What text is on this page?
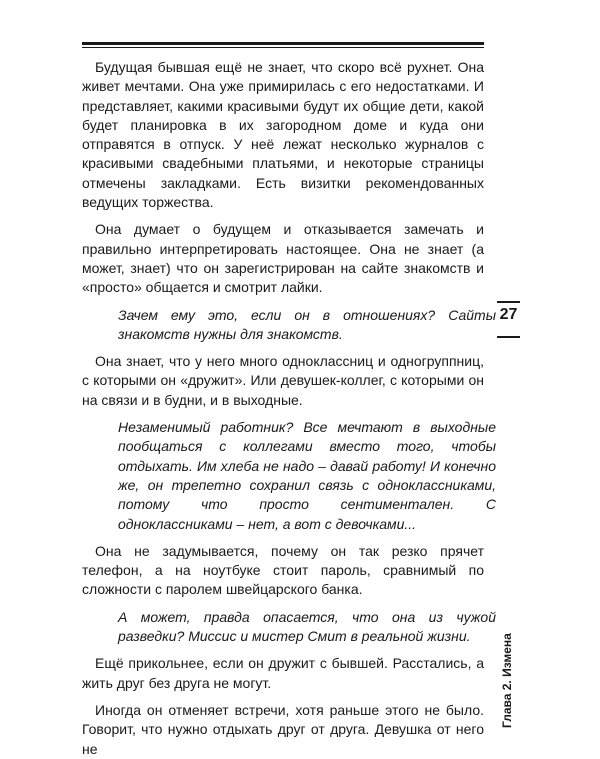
Будущая бывшая ещё не знает, что скоро всё рухнет. Она живет мечтами. Она уже примирилась с его недостатками. И представляет, какими красивыми будут их общие дети, какой будет планировка в их загородном доме и куда они отправятся в отпуск. У неё лежат несколько журналов с красивыми свадебными платьями, и некоторые страницы отмечены закладками. Есть визитки рекомендованных ведущих торжества.

Она думает о будущем и отказывается замечать и правильно интерпретировать настоящее. Она не знает (а может, знает) что он зарегистрирован на сайте знакомств и «просто» общается и смотрит лайки.

Зачем ему это, если он в отношениях? Сайты знакомств нужны для знакомств.

Она знает, что у него много одноклассниц и одногруппниц, с которыми он «дружит». Или девушек-коллег, с которыми он на связи и в будни, и в выходные.

Незаменимый работник? Все мечтают в выходные пообщаться с коллегами вместо того, чтобы отдыхать. Им хлеба не надо – давай работу! И конечно же, он трепетно сохранил связь с одноклассниками, потому что просто сентиментален. С одноклассниками – нет, а вот с девочками...

Она не задумывается, почему он так резко прячет телефон, а на ноутбуке стоит пароль, сравнимый по сложности с паролем швейцарского банка.

А может, правда опасается, что она из чужой разведки? Миссис и мистер Смит в реальной жизни.

Ещё прикольнее, если он дружит с бывшей. Расстались, а жить друг без друга не могут.

Иногда он отменяет встречи, хотя раньше этого не было. Говорит, что нужно отдыхать друг от друга. Девушка от него не

27
Глава 2. Измена
